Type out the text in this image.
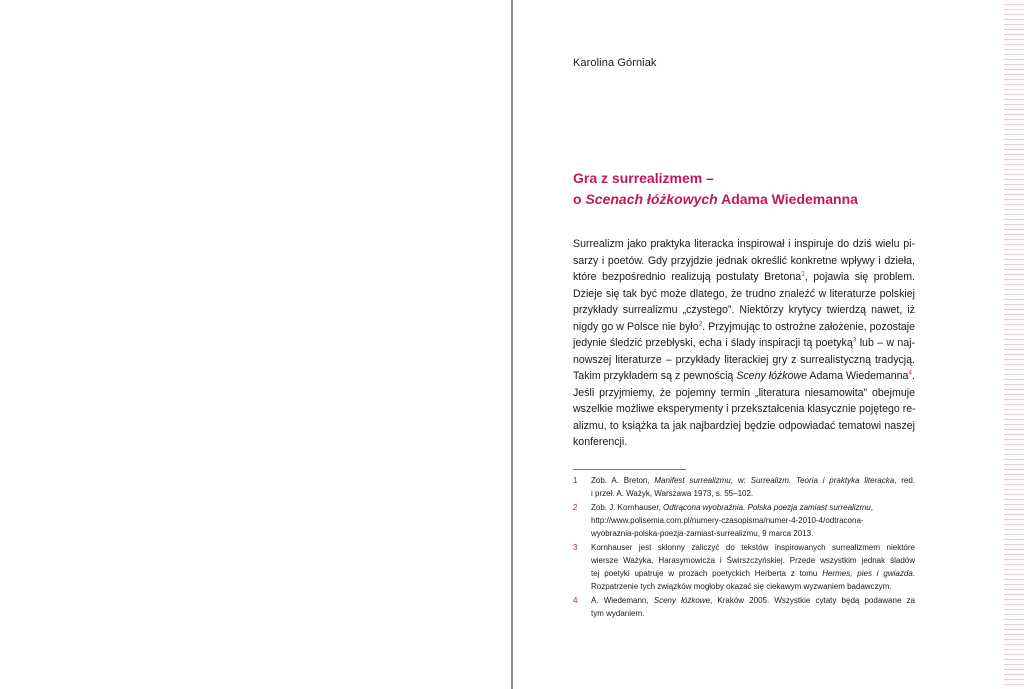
Karolina Górniak
Gra z surrealizmem –
o Scenach łóżkowych Adama Wiedemanna
Surrealizm jako praktyka literacka inspirował i inspiruje do dziś wielu pi-
sarzy i poetów. Gdy przyjdzie jednak określić konkretne wpływy i dzieła,
które bezpośrednio realizują postulaty Bretona$^1$, pojawia się problem.
Dzieje się tak być może dlatego, że trudno znaleźć w literaturze polskiej
przykłady surrealizmu „czystego”. Niektórzy krytycy twierdzą nawet, iż
nigdy go w Polsce nie było$^2$. Przyjmując to ostrożne założenie, pozostaje
jedynie śledzić przebłyski, echa i ślady inspiracji tą poetyką$^3$ lub – w naj-
nowszej literaturze – przykłady literackiej gry z surrealistyczną tradycją.
Takim przykładem są z pewnością Sceny łóżkowe Adama Wiedemanna$^4$.
Jeśli przyjmiemy, że pojemny termin „literatura niesamowita” obejmuje
wszelkie możliwe eksperymenty i przekształcenia klasycznie pojętego re-
alizmu, to książka ta jak najbardziej będzie odpowiadać tematowi naszej
konferencji.
1 Zob. A. Breton, Manifest surrealizmu, w: Surrealizm. Teoria i praktyka literacka, red.
i przeł. A. Ważyk, Warszawa 1973, s. 55–102.
2 Zob. J. Kornhauser, Odtrącona wyobraźnia. Polska poezja zamiast surrealizmu,
http://www.polisemia.com.pl/numery-czasopisma/numer-4-2010-4/odtracona-
wyobraznia-polska-poezja-zamiast-surrealizmu, 9 marca 2013.
3 Kornhauser jest skłonny zaliczyć do tekstów inspirowanych surrealizmem niektóre
wiersze Ważyka, Harasymowicza i Świrszczyńskiej. Przede wszystkim jednak śladów
tej poetyki upatruje w prozach poetyckich Herberta z tomu Hermes, pies i gwiazda.
Rozpatrzenie tych związków mogłoby okazać się ciekawym wyzwaniem badawczym.
4 A. Wiedemann, Sceny łóżkowe, Kraków 2005. Wszystkie cytaty będą podawane za
tym wydaniem.
